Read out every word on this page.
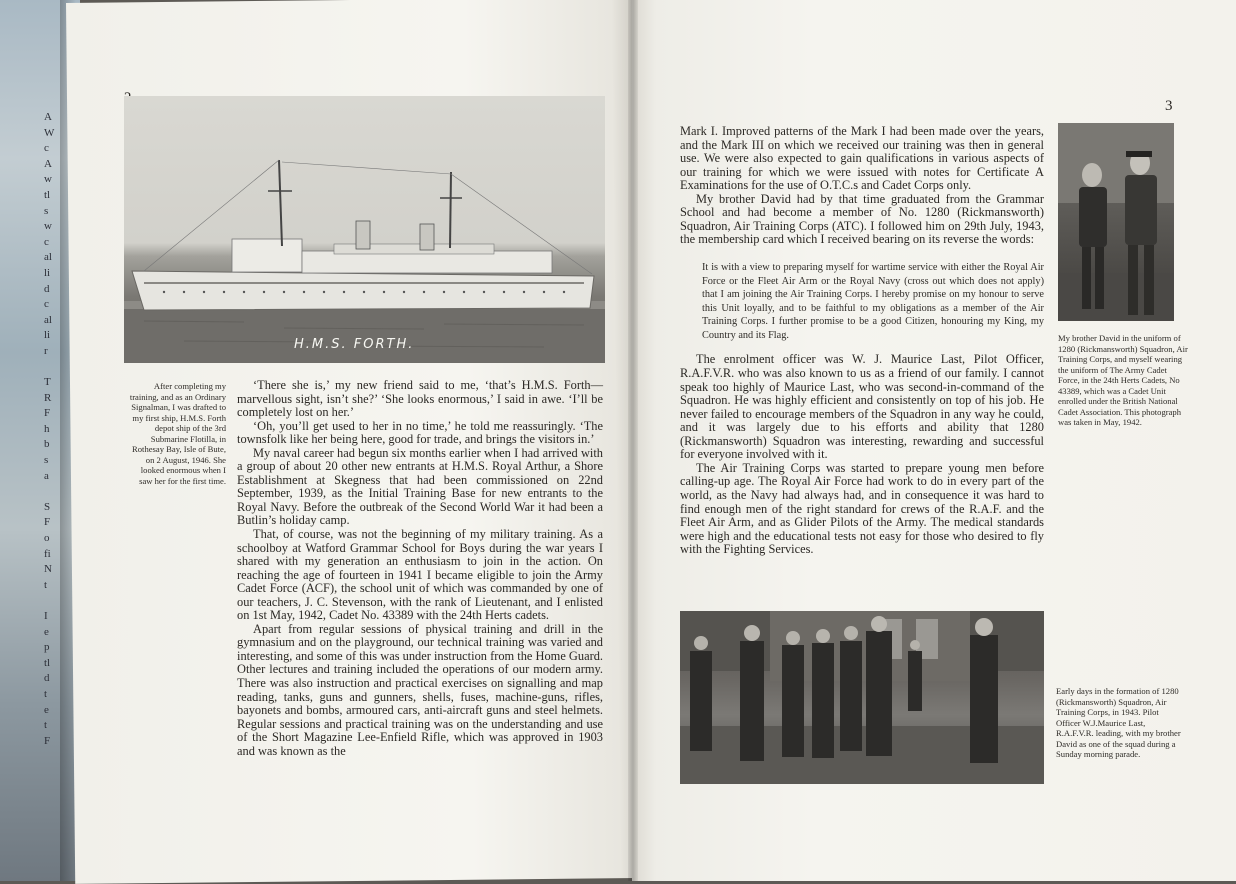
A
W
c
A
w
tl
s
w
c
al
li
d
c
al
li
r

T
R
F
h
b
s
a

S
F
o
fi
N
t

I
e
p
tl
d
t
e
t
F
3
H.M.S. FORTH.
After completing my training, and as an Ordinary Signalman, I was drafted to my first ship, H.M.S. Forth depot ship of the 3rd Submarine Flotilla, in Rothesay Bay, Isle of Bute, on 2 August, 1946. She looked enormous when I saw her for the first time.

‘There she is,’ my new friend said to me, ‘that’s H.M.S. Forth—marvellous sight, isn’t she?’ ‘She looks enormous,’ I said in awe. ‘I’ll be completely lost on her.’

‘Oh, you’ll get used to her in no time,’ he told me reassuringly. ‘The townsfolk like her being here, good for trade, and brings the visitors in.’

My naval career had begun six months earlier when I had arrived with a group of about 20 other new entrants at H.M.S. Royal Arthur, a Shore Establishment at Skegness that had been commissioned on 22nd September, 1939, as the Initial Training Base for new entrants to the Royal Navy. Before the outbreak of the Second World War it had been a Butlin’s holiday camp.

That, of course, was not the beginning of my military training. As a schoolboy at Watford Grammar School for Boys during the war years I shared with my generation an enthusiasm to join in the action. On reaching the age of fourteen in 1941 I became eligible to join the Army Cadet Force (ACF), the school unit of which was commanded by one of our teachers, J. C. Stevenson, with the rank of Lieutenant, and I enlisted on 1st May, 1942, Cadet No. 43389 with the 24th Herts cadets.

Apart from regular sessions of physical training and drill in the gymnasium and on the playground, our technical training was varied and interesting, and some of this was under instruction from the Home Guard. Other lectures and training included the operations of our modern army. There was also instruction and practical exercises on signalling and map reading, tanks, guns and gunners, shells, fuses, machine-guns, rifles, bayonets and bombs, armoured cars, anti-aircraft guns and steel helmets. Regular sessions and practical training was on the understanding and use of the Short Magazine Lee-Enfield Rifle, which was approved in 1903 and was known as the

Mark I. Improved patterns of the Mark I had been made over the years, and the Mark III on which we received our training was then in general use. We were also expected to gain qualifications in various aspects of our training for which we were issued with notes for Certificate A Examinations for the use of O.T.C.s and Cadet Corps only.

My brother David had by that time graduated from the Grammar School and had become a member of No. 1280 (Rickmansworth) Squadron, Air Training Corps (ATC). I followed him on 29th July, 1943, the membership card which I received bearing on its reverse the words:

It is with a view to preparing myself for wartime service with either the Royal Air Force or the Fleet Air Arm or the Royal Navy (cross out which does not apply) that I am joining the Air Training Corps. I hereby promise on my honour to serve this Unit loyally, and to be faithful to my obligations as a member of the Air Training Corps. I further promise to be a good Citizen, honouring my King, my Country and its Flag.

The enrolment officer was W. J. Maurice Last, Pilot Officer, R.A.F.V.R. who was also known to us as a friend of our family. I cannot speak too highly of Maurice Last, who was second-in-command of the Squadron. He was highly efficient and consistently on top of his job. He never failed to encourage members of the Squadron in any way he could, and it was largely due to his efforts and ability that 1280 (Rickmansworth) Squadron was interesting, rewarding and successful for everyone involved with it.

The Air Training Corps was started to prepare young men before calling-up age. The Royal Air Force had work to do in every part of the world, as the Navy had always had, and in consequence it was hard to find enough men of the right standard for crews of the R.A.F. and the Fleet Air Arm, and as Glider Pilots of the Army. The medical standards were high and the educational tests not easy for those who desired to fly with the Fighting Services.

My brother David in the uniform of 1280 (Rickmansworth) Squadron, Air Training Corps, and myself wearing the uniform of The Army Cadet Force, in the 24th Herts Cadets, No 43389, which was a Cadet Unit enrolled under the British National Cadet Association. This photograph was taken in May, 1942.
Early days in the formation of 1280 (Rickmansworth) Squadron, Air Training Corps, in 1943. Pilot Officer W.J.Maurice Last, R.A.F.V.R. leading, with my brother David as one of the squad during a Sunday morning parade.
